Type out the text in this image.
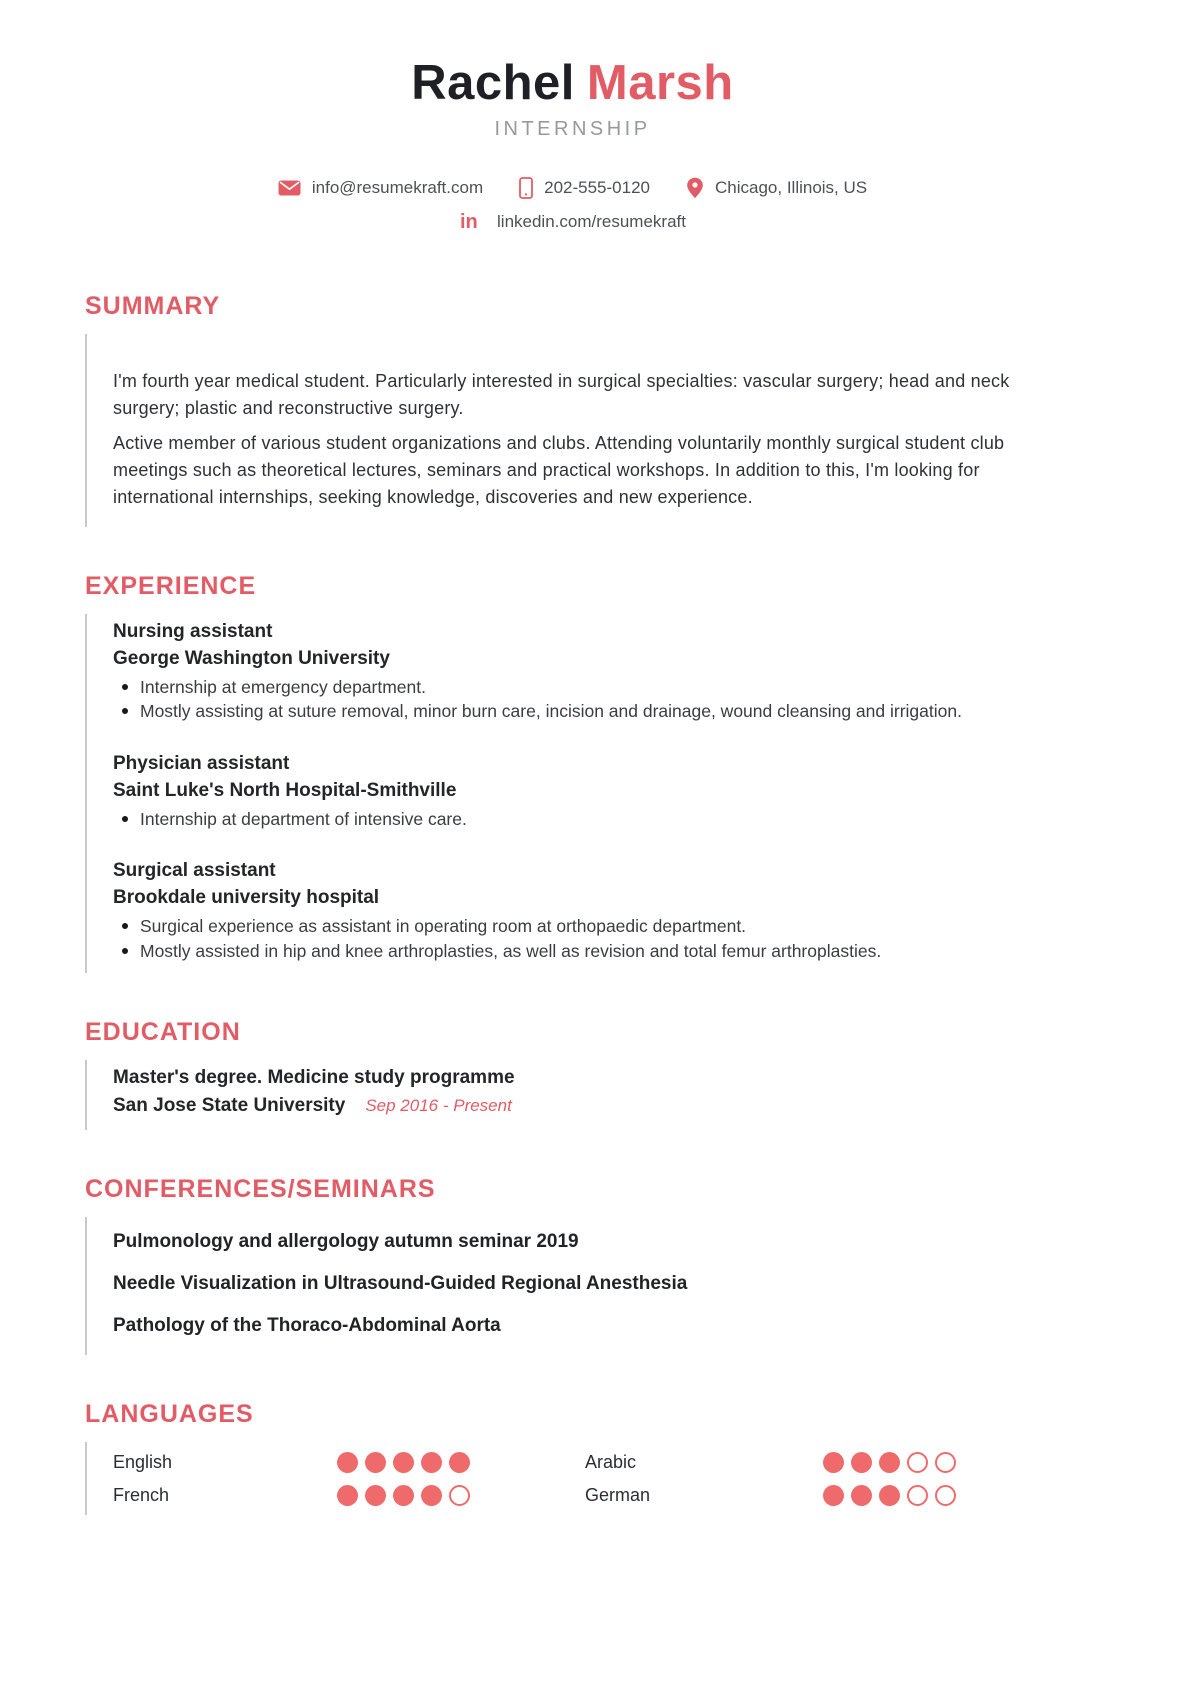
Rachel Marsh
INTERNSHIP
info@resumekraft.com	202-555-0120	Chicago, Illinois, US
in linkedin.com/resumekraft
SUMMARY

I'm fourth year medical student. Particularly interested in surgical specialties: vascular surgery; head and neck surgery; plastic and reconstructive surgery.

Active member of various student organizations and clubs. Attending voluntarily monthly surgical student club meetings such as theoretical lectures, seminars and practical workshops. In addition to this, I'm looking for international internships, seeking knowledge, discoveries and new experience.

EXPERIENCE
Nursing assistant
George Washington University
Internship at emergency department.
Mostly assisting at suture removal, minor burn care, incision and drainage, wound cleansing and irrigation.
Physician assistant
Saint Luke's North Hospital-Smithville
Internship at department of intensive care.
Surgical assistant
Brookdale university hospital
Surgical experience as assistant in operating room at orthopaedic department.
Mostly assisted in hip and knee arthroplasties, as well as revision and total femur arthroplasties.
EDUCATION
Master's degree. Medicine study programme
San Jose State University Sep 2016 - Present
CONFERENCES/SEMINARS
Pulmonology and allergology autumn seminar 2019
Needle Visualization in Ultrasound-Guided Regional Anesthesia
Pathology of the Thoraco-Abdominal Aorta
LANGUAGES
English	Arabic
French	German
